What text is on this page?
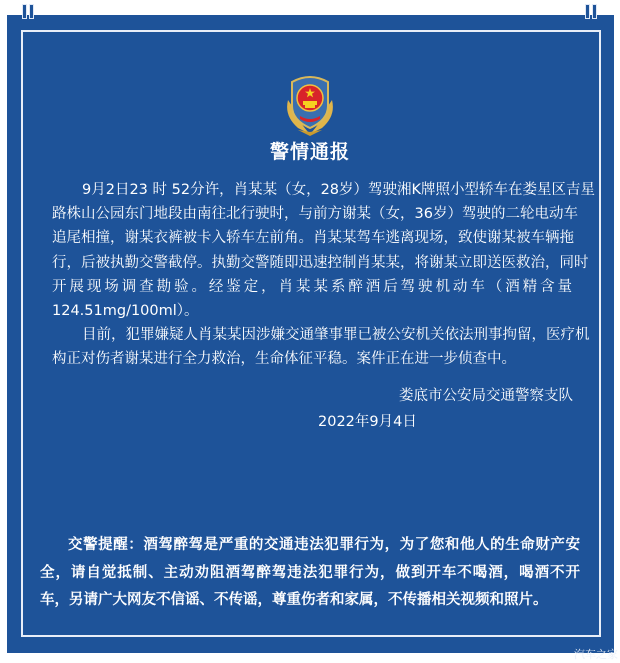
警情通报
9月2日23 时 52分许，肖某某（女，28岁）驾驶湘K牌照小型轿车在娄星区吉星
路株山公园东门地段由南往北行驶时，与前方谢某（女，36岁）驾驶的二轮电动车
追尾相撞，谢某衣裤被卡入轿车左前角。肖某某驾车逃离现场，致使谢某被车辆拖
行，后被执勤交警截停。执勤交警随即迅速控制肖某某，将谢某立即送医救治，同时
开展现场调查勘验。经鉴定，肖某某系醉酒后驾驶机动车（酒精含量
124.51mg/100ml）。
目前，犯罪嫌疑人肖某某因涉嫌交通肇事罪已被公安机关依法刑事拘留，医疗机
构正对伤者谢某进行全力救治，生命体征平稳。案件正在进一步侦查中。
娄底市公安局交通警察支队
2022年9月4日
交警提醒：酒驾醉驾是严重的交通违法犯罪行为，为了您和他人的生命财产安
全，请自觉抵制、主动劝阻酒驾醉驾违法犯罪行为，做到开车不喝酒，喝酒不开
车，另请广大网友不信谣、不传谣，尊重伤者和家属，不传播相关视频和照片。
汽车之家
